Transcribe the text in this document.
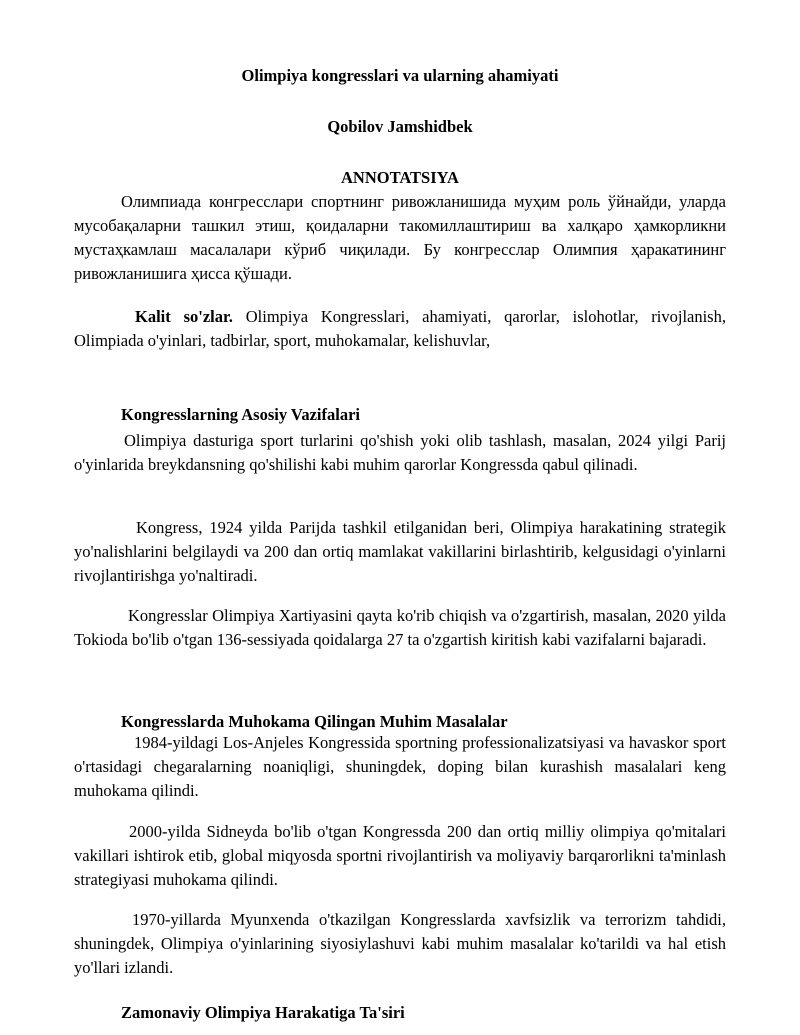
Olimpiya kongresslari va ularning ahamiyati
Qobilov Jamshidbek
ANNOTATSIYA

Олимпиада конгресслари спортнинг ривожланишида муҳим роль ўйнайди, уларда мусобақаларни ташкил этиш, қоидаларни такомиллаштириш ва халқаро ҳамкорликни мустаҳкамлаш масалалари кўриб чиқилади. Бу конгресслар Олимпия ҳаракатининг ривожланишига ҳисса қўшади.

Kalit so'zlar. Olimpiya Kongresslari, ahamiyati, qarorlar, islohotlar, rivojlanish, Olimpiada o'yinlari, tadbirlar, sport, muhokamalar, kelishuvlar,

Kongresslarning Asosiy Vazifalari

Olimpiya dasturiga sport turlarini qo'shish yoki olib tashlash, masalan, 2024 yilgi Parij o'yinlarida breykdansning qo'shilishi kabi muhim qarorlar Kongressda qabul qilinadi.

Kongress, 1924 yilda Parijda tashkil etilganidan beri, Olimpiya harakatining strategik yo'nalishlarini belgilaydi va 200 dan ortiq mamlakat vakillarini birlashtirib, kelgusidagi o'yinlarni rivojlantirishga yo'naltiradi.

Kongresslar Olimpiya Xartiyasini qayta ko'rib chiqish va o'zgartirish, masalan, 2020 yilda Tokioda bo'lib o'tgan 136-sessiyada qoidalarga 27 ta o'zgartish kiritish kabi vazifalarni bajaradi.

Kongresslarda Muhokama Qilingan Muhim Masalalar

1984-yildagi Los-Anjeles Kongressida sportning professionalizatsiyasi va havaskor sport o'rtasidagi chegaralarning noaniqligi, shuningdek, doping bilan kurashish masalalari keng muhokama qilindi.

2000-yilda Sidneyda bo'lib o'tgan Kongressda 200 dan ortiq milliy olimpiya qo'mitalari vakillari ishtirok etib, global miqyosda sportni rivojlantirish va moliyaviy barqarorlikni ta'minlash strategiyasi muhokama qilindi.

1970-yillarda Myunxenda o'tkazilgan Kongresslarda xavfsizlik va terrorizm tahdidi, shuningdek, Olimpiya o'yinlarining siyosiylashuvi kabi muhim masalalar ko'tarildi va hal etish yo'llari izlandi.

Zamonaviy Olimpiya Harakatiga Ta'siri
